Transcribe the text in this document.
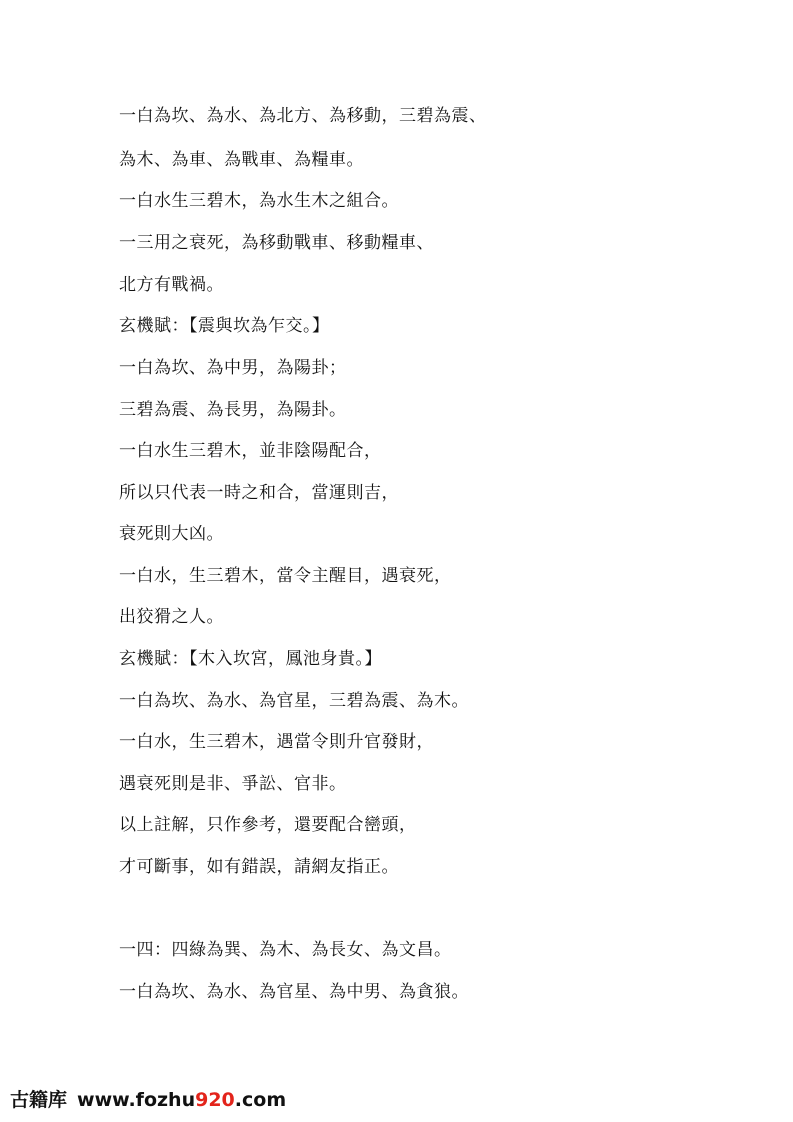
一白為坎、為水、為北方、為移動，三碧為震、
為木、為車、為戰車、為糧車。
一白水生三碧木，為水生木之組合。
一三用之衰死，為移動戰車、移動糧車、
北方有戰禍。
玄機賦：【震與坎為乍交。】
一白為坎、為中男，為陽卦；
三碧為震、為長男，為陽卦。
一白水生三碧木，並非陰陽配合，
所以只代表一時之和合，當運則吉，
衰死則大凶。
一白水，生三碧木，當令主醒目，遇衰死，
出狡猾之人。
玄機賦：【木入坎宮，鳳池身貴。】
一白為坎、為水、為官星，三碧為震、為木。
一白水，生三碧木，遇當令則升官發財，
遇衰死則是非、爭訟、官非。
以上註解，只作參考，還要配合巒頭，
才可斷事，如有錯誤，請網友指正。
一四：四綠為巽、為木、為長女、為文昌。
一白為坎、為水、為官星、為中男、為貪狼。
古籍库 www.fozhu920.com
